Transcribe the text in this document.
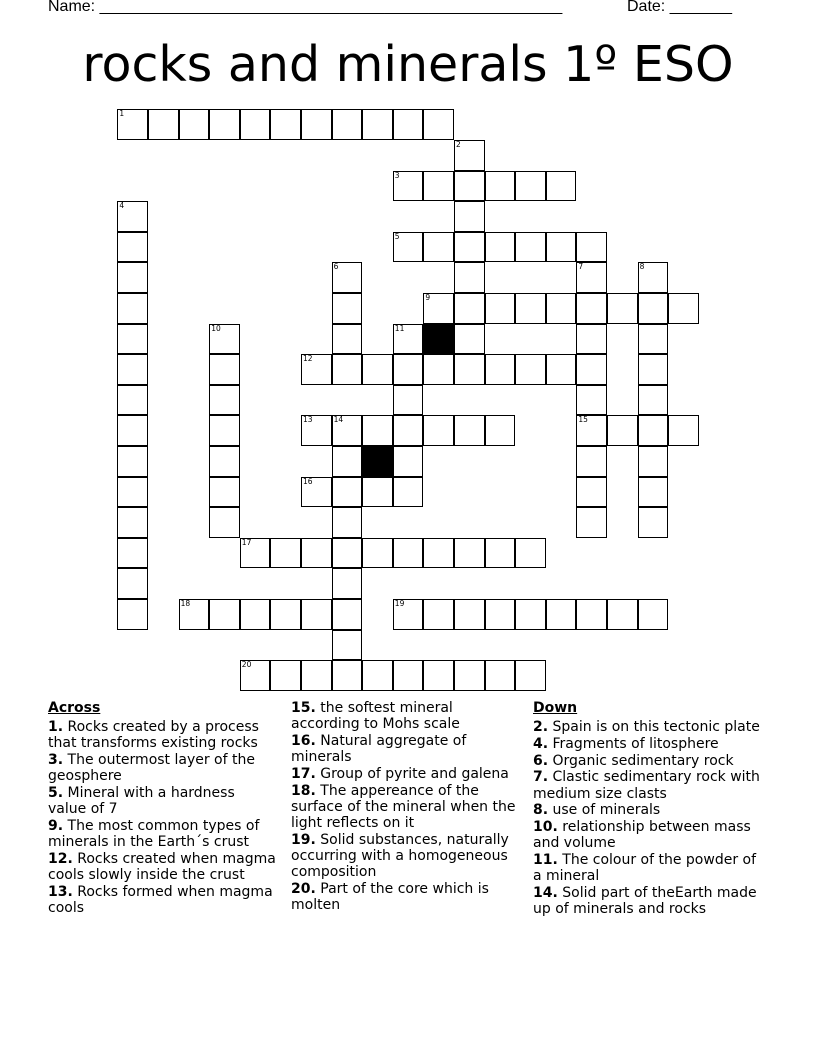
Name: ____________________________________________________	Date: _______
rocks and minerals 1º ESO
1
2
3
4
5
6	7	8
9
10	11
12
13	14	15
16
17
18	19
20
Across
1. Rocks created by a process that transforms existing rocks
3. The outermost layer of the geosphere
5. Mineral with a hardness value of 7
9. The most common types of minerals in the Earth´s crust
12. Rocks created when magma cools slowly inside the crust
13. Rocks formed when magma cools
15. the softest mineral according to Mohs scale
16. Natural aggregate of minerals
17. Group of pyrite and galena
18. The appereance of the surface of the mineral when the light reflects on it
19. Solid substances, naturally occurring with a homogeneous composition
20. Part of the core which is molten
Down
2. Spain is on this tectonic plate
4. Fragments of litosphere
6. Organic sedimentary rock
7. Clastic sedimentary rock with medium size clasts
8. use of minerals
10. relationship between mass and volume
11. The colour of the powder of a mineral
14. Solid part of theEarth made up of minerals and rocks
